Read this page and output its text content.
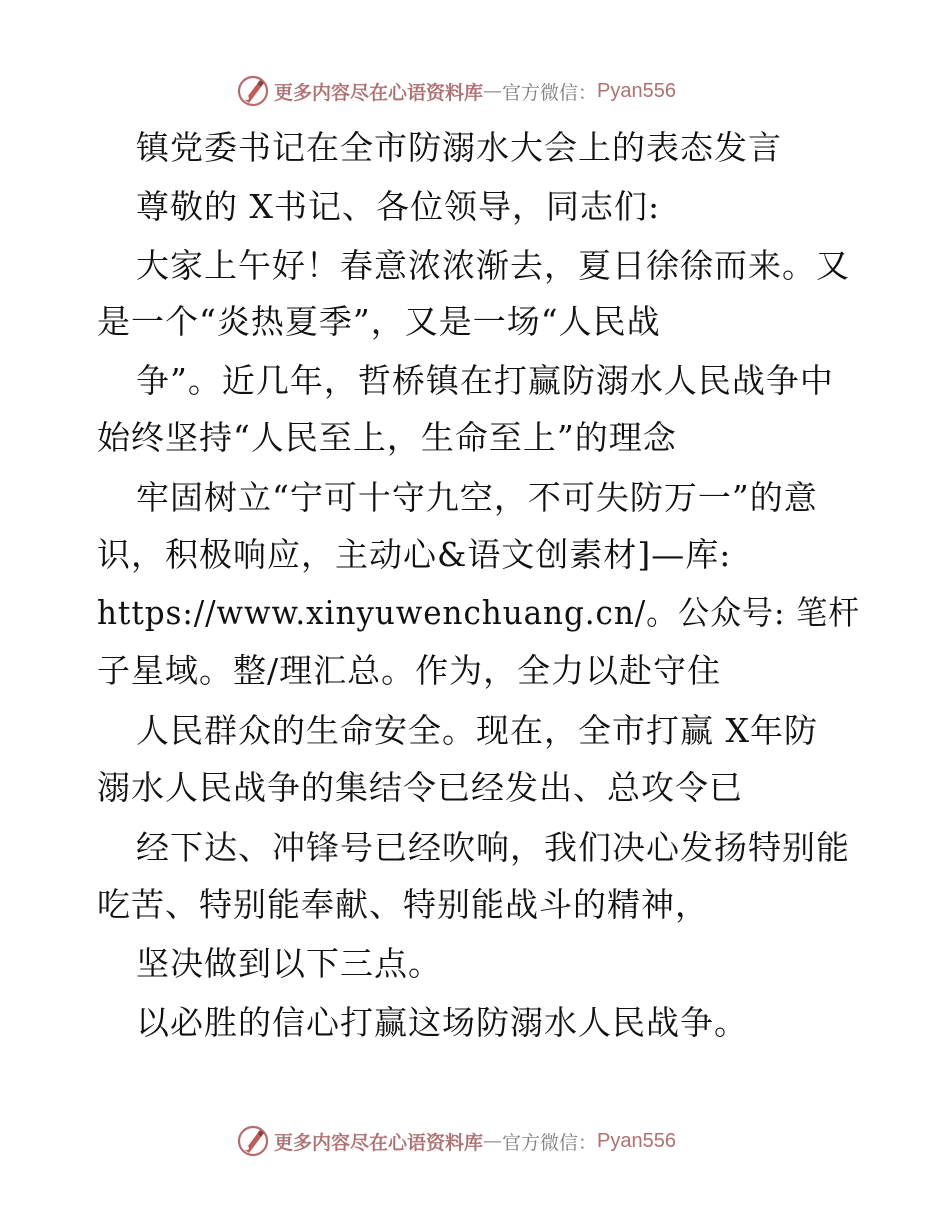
更多内容尽在心语资料库 — 官方微信： Pyan556
镇党委书记在全市防溺水大会上的表态发言
尊敬的 X书记、各位领导，同志们:
大家上午好！春意浓浓渐去，夏日徐徐而来。又
是一个“炎热夏季”，又是一场“人民战
争”。近几年，哲桥镇在打赢防溺水人民战争中
始终坚持“人民至上，生命至上”的理念
牢固树立“宁可十守九空，不可失防万一”的意
识，积极响应，主动心&语文创素材]—库:
https://www.xinyuwenchuang.cn/。公众号: 笔杆
子星域。整/理汇总。作为，全力以赴守住
人民群众的生命安全。现在，全市打赢 X年防
溺水人民战争的集结令已经发出、总攻令已
经下达、冲锋号已经吹响，我们决心发扬特别能
吃苦、特别能奉献、特别能战斗的精神，
坚决做到以下三点。
以必胜的信心打赢这场防溺水人民战争。
更多内容尽在心语资料库 — 官方微信： Pyan556
